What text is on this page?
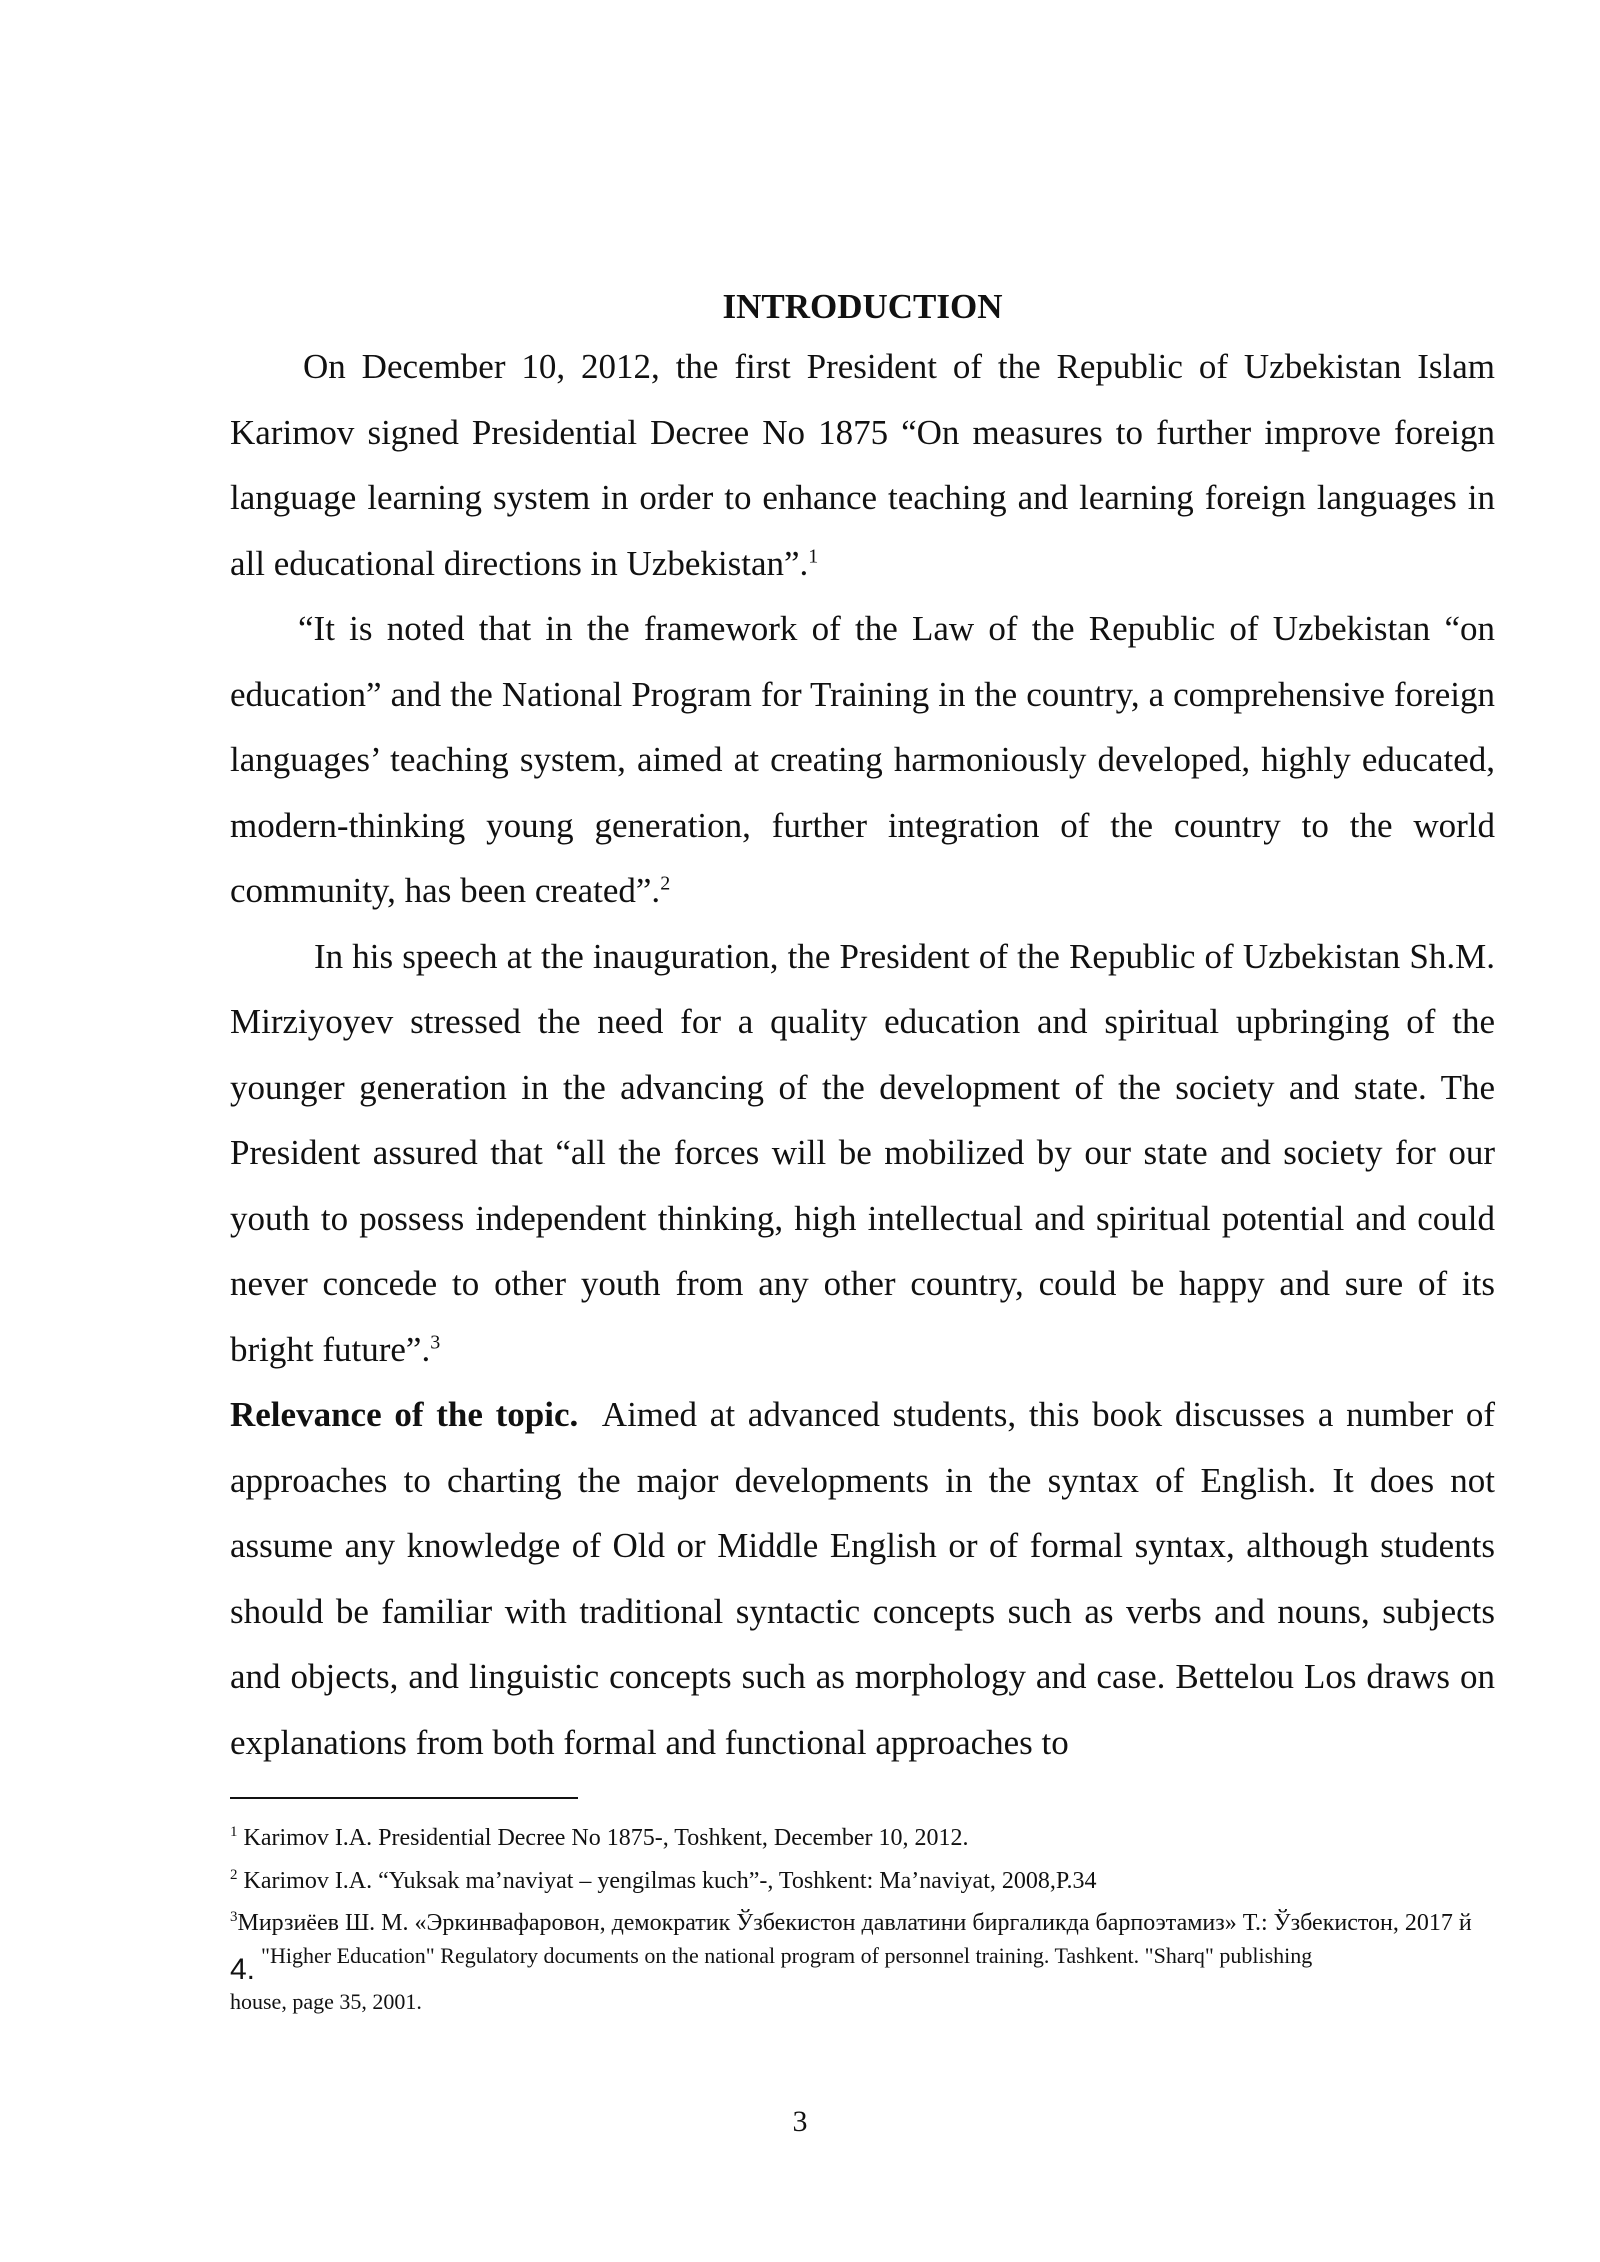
INTRODUCTION

On December 10, 2012, the first President of the Republic of Uzbekistan Islam Karimov signed Presidential Decree No 1875 “On measures to further improve foreign language learning system in order to enhance teaching and learning foreign languages in all educational directions in Uzbekistan”.$^1$

“It is noted that in the framework of the Law of the Republic of Uzbekistan “on education” and the National Program for Training in the country, a comprehensive foreign languages’ teaching system, aimed at creating harmoniously developed, highly educated, modern-thinking young generation, further integration of the country to the world community, has been created”.$^2$

In his speech at the inauguration, the President of the Republic of Uzbekistan Sh.M. Mirziyoyev stressed the need for a quality education and spiritual upbringing of the younger generation in the advancing of the development of the society and state. The President assured that “all the forces will be mobilized by our state and society for our youth to possess independent thinking, high intellectual and spiritual potential and could never concede to other youth from any other country, could be happy and sure of its bright future”.$^3$

Relevance of the topic. Aimed at advanced students, this book discusses a number of approaches to charting the major developments in the syntax of English. It does not assume any knowledge of Old or Middle English or of formal syntax, although students should be familiar with traditional syntactic concepts such as verbs and nouns, subjects and objects, and linguistic concepts such as morphology and case. Bettelou Los draws on explanations from both formal and functional approaches to

$^1$ Karimov I.A. Presidential Decree No 1875-, Toshkent, December 10, 2012.

$^2$ Karimov I.A. “Yuksak ma’naviyat – yengilmas kuch”-, Toshkent: Ma’naviyat, 2008,P.34

$^3$Мирзиёев Ш. М. «Эркинвафаровон, демократик Ўзбекистон давлатини биргаликда барпоэтамиз» Т.: Ўзбекистон, 2017 й

4. "Higher Education" Regulatory documents on the national program of personnel training. Tashkent. "Sharq" publishing
house, page 35, 2001.

3
